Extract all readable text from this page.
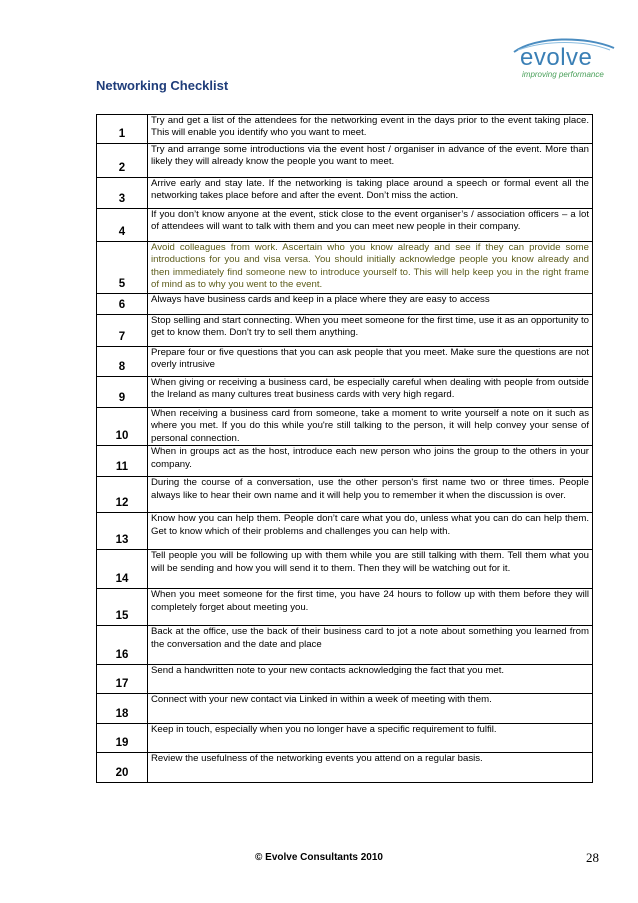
evolve
improving performance
Networking Checklist
1	Try and get a list of the attendees for the networking event in the days prior to the event taking place. This will enable you identify who you want to meet.
2	Try and arrange some introductions via the event host / organiser in advance of the event. More than likely they will already know the people you want to meet.
3	Arrive early and stay late. If the networking is taking place around a speech or formal event all the networking takes place before and after the event. Don’t miss the action.
4	If you don’t know anyone at the event, stick close to the event organiser’s / association officers – a lot of attendees will want to talk with them and you can meet new people in their company.
5	Avoid colleagues from work. Ascertain who you know already and see if they can provide some introductions for you and visa versa. You should initially acknowledge people you know already and then immediately find someone new to introduce yourself to. This will help keep you in the right frame of mind as to why you went to the event.
6	Always have business cards and keep in a place where they are easy to access
7	Stop selling and start connecting. When you meet someone for the first time, use it as an opportunity to get to know them. Don't try to sell them anything.
8	Prepare four or five questions that you can ask people that you meet. Make sure the questions are not overly intrusive
9	When giving or receiving a business card, be especially careful when dealing with people from outside the Ireland as many cultures treat business cards with very high regard.
10	When receiving a business card from someone, take a moment to write yourself a note on it such as where you met. If you do this while you're still talking to the person, it will help convey your sense of personal connection.
11	When in groups act as the host, introduce each new person who joins the group to the others in your company.
12	During the course of a conversation, use the other person's first name two or three times. People always like to hear their own name and it will help you to remember it when the discussion is over.
13	Know how you can help them. People don’t care what you do, unless what you can do can help them. Get to know which of their problems and challenges you can help with.
14	Tell people you will be following up with them while you are still talking with them. Tell them what you will be sending and how you will send it to them. Then they will be watching out for it.
15	When you meet someone for the first time, you have 24 hours to follow up with them before they will completely forget about meeting you.
16	Back at the office, use the back of their business card to jot a note about something you learned from the conversation and the date and place
17	Send a handwritten note to your new contacts acknowledging the fact that you met.
18	Connect with your new contact via Linked in within a week of meeting with them.
19	Keep in touch, especially when you no longer have a specific requirement to fulfil.
20	Review the usefulness of the networking events you attend on a regular basis.
© Evolve Consultants 2010	28
